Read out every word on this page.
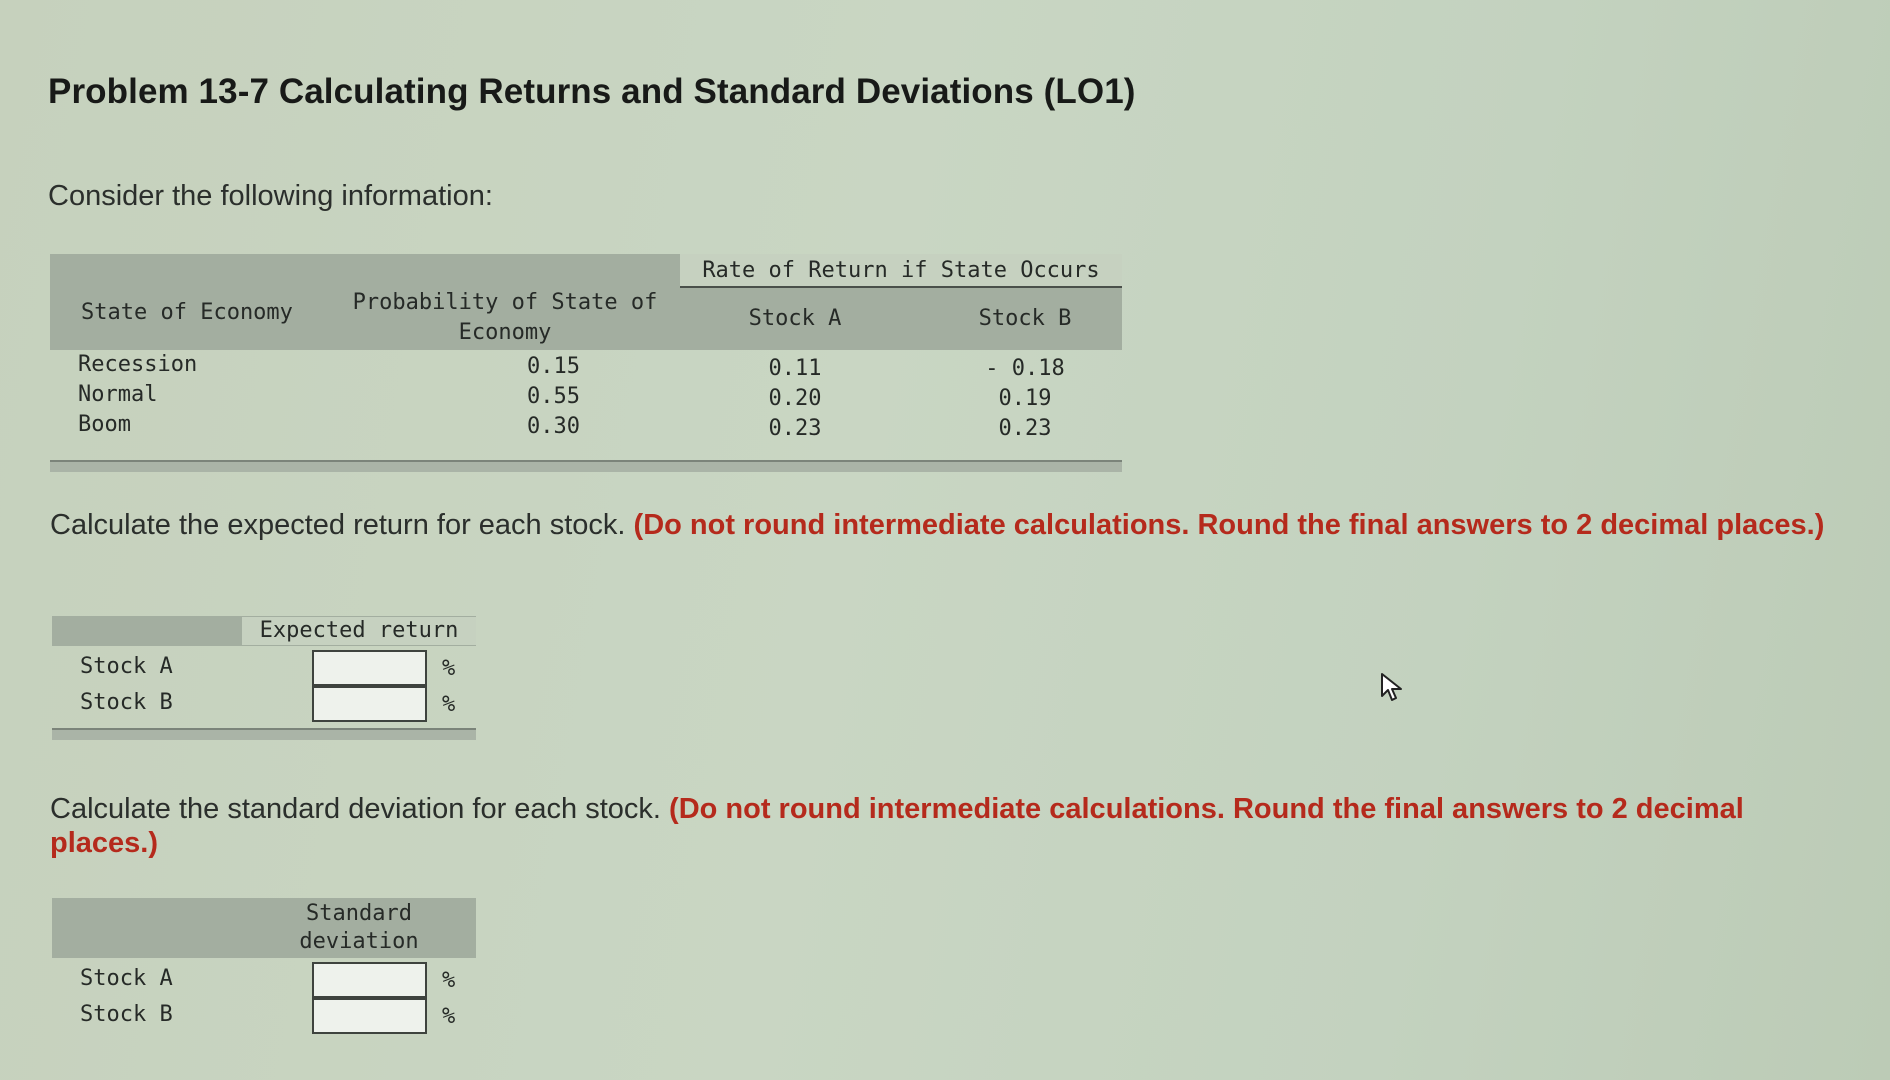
Problem 13-7 Calculating Returns and Standard Deviations (LO1)

Consider the following information:

Rate of Return if State Occurs
State of Economy	Probability of State of
Economy
Stock A	Stock B
Recession	0.15	0.11	- 0.18
Normal	0.55	0.20	0.19
Boom	0.30	0.23	0.23

Calculate the expected return for each stock. (Do not round intermediate calculations. Round the final answers to 2 decimal places.)

Expected return
Stock A	%
Stock B	%

Calculate the standard deviation for each stock. (Do not round intermediate calculations. Round the final answers to 2 decimal places.)

Standard
deviation
Stock A	%
Stock B	%
